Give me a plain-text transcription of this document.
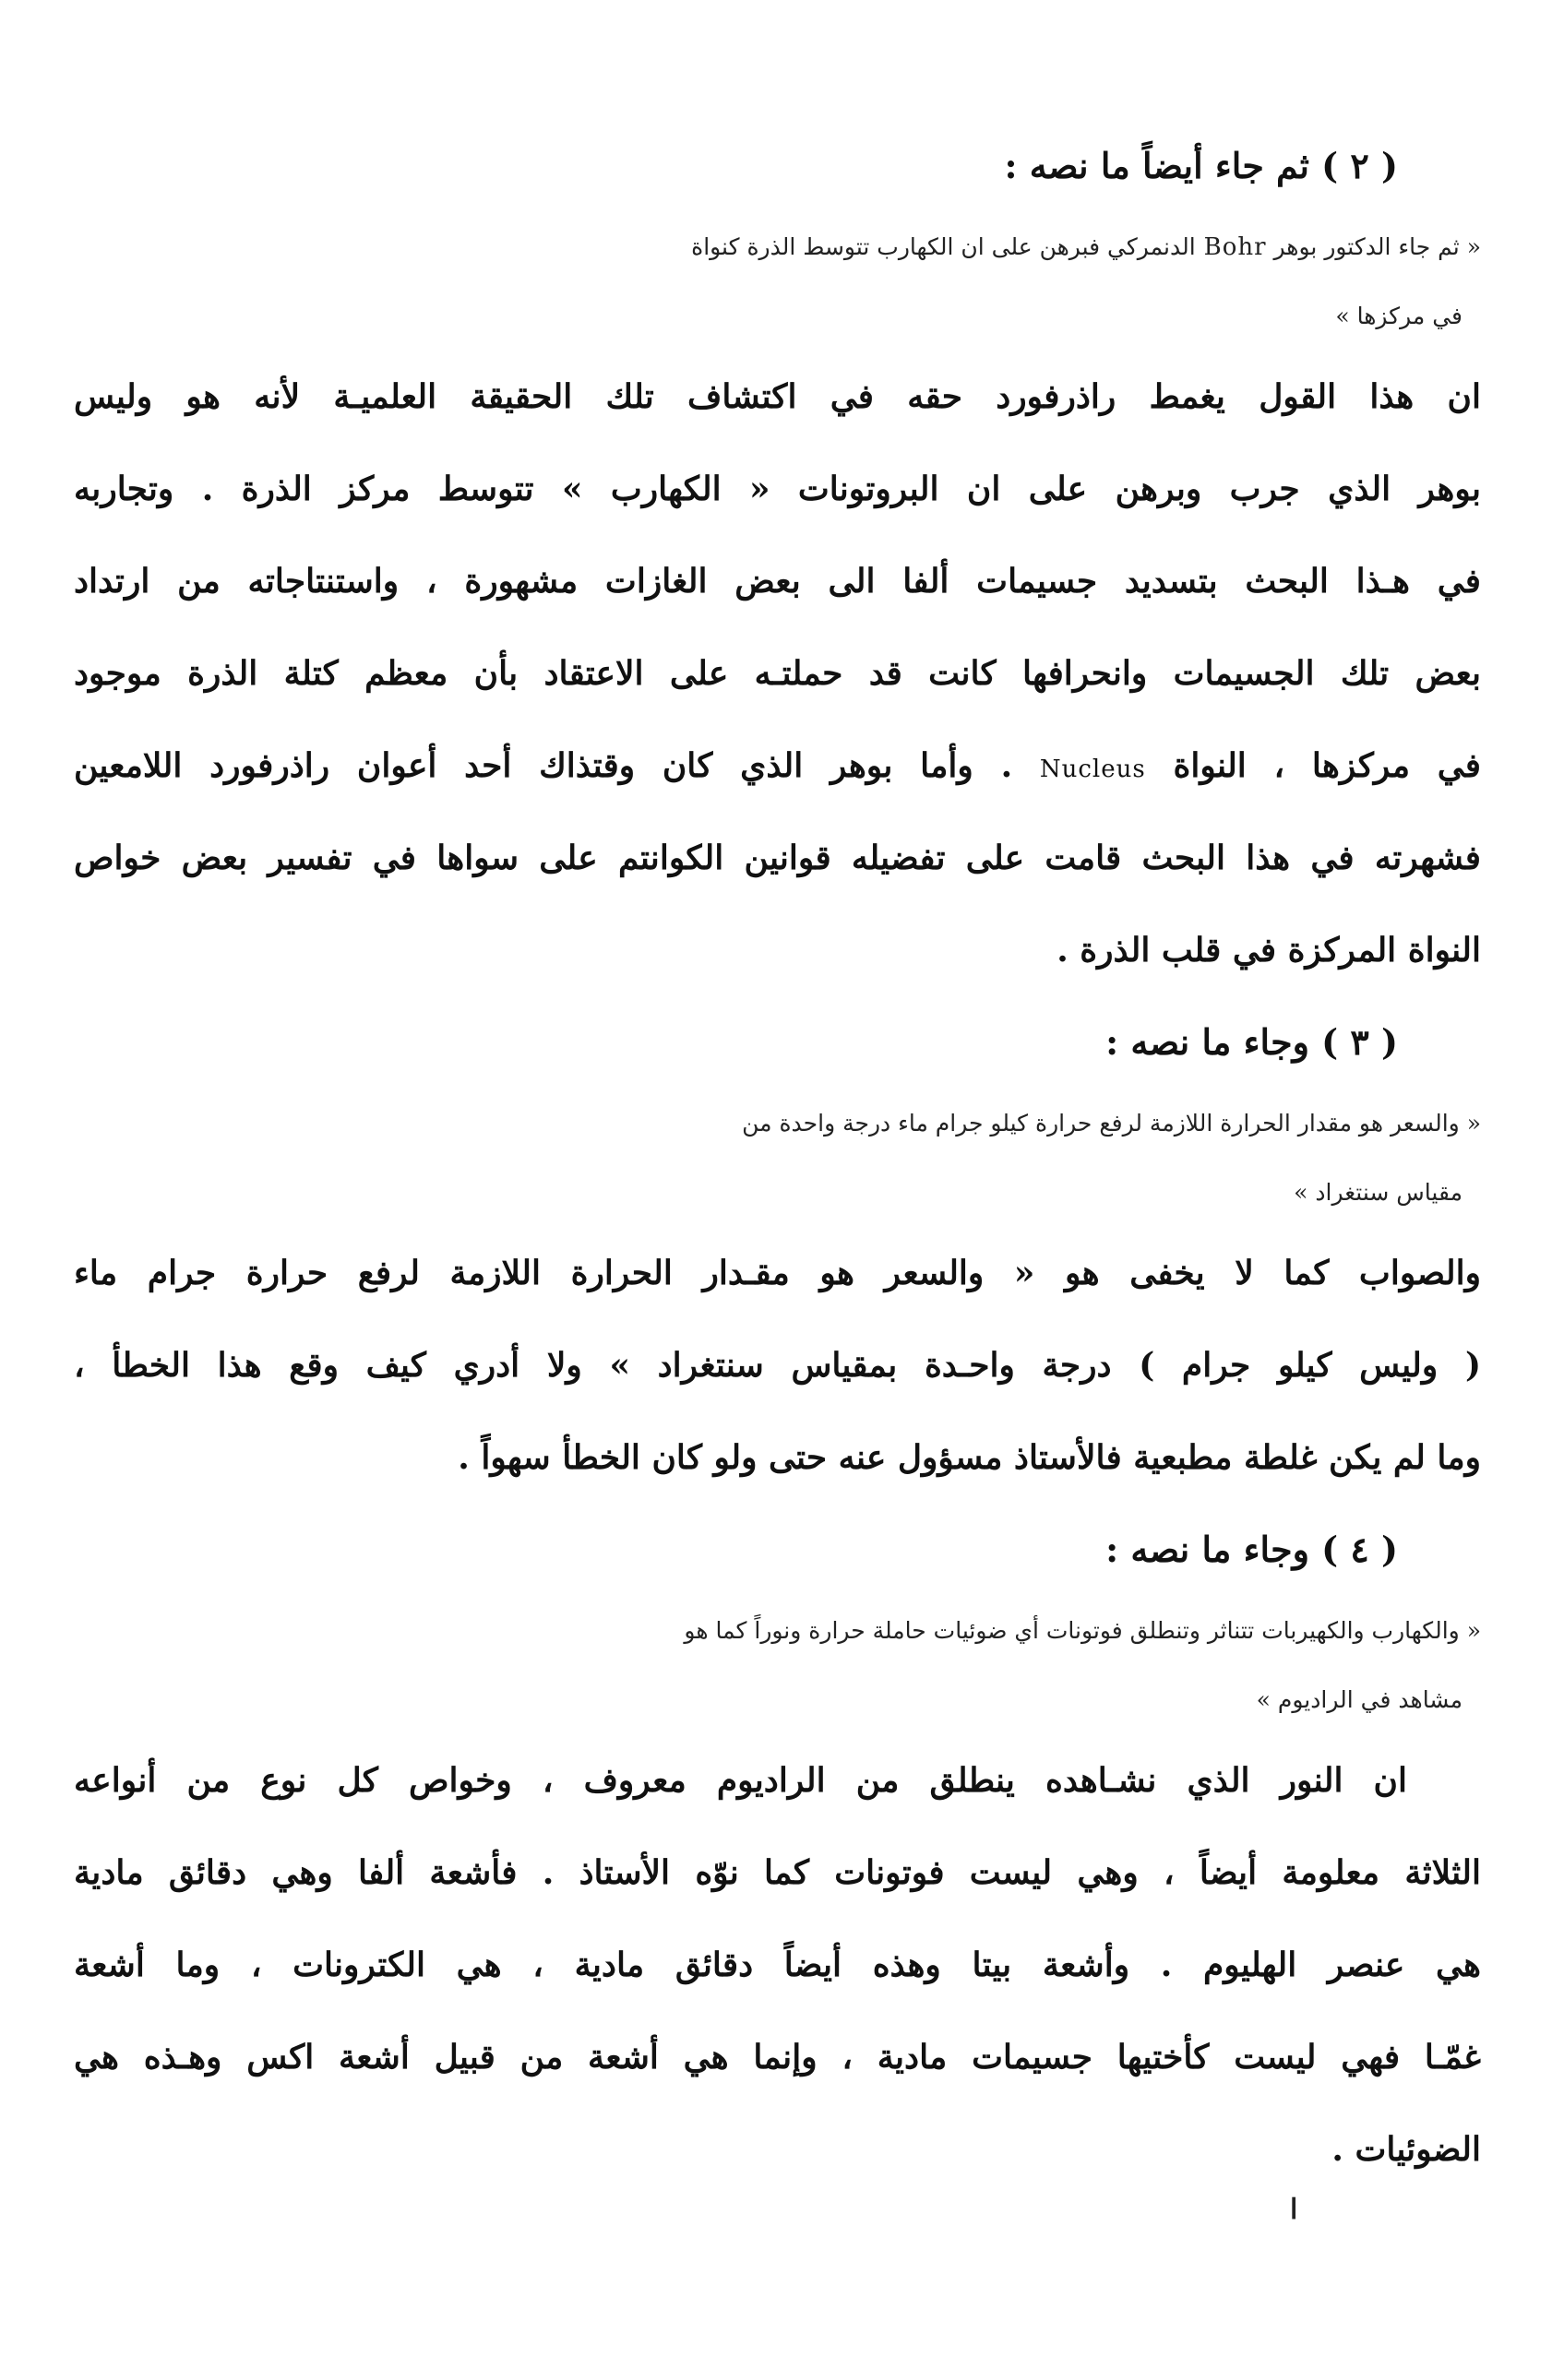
( ٢ ) ثم جاء أيضاً ما نصه :
« ثم جاء الدكتور بوهر Bohr الدنمركي فبرهن على ان الكهارب تتوسط الذرة كنواة
في مركزها »
ان هذا القول يغمط راذرفورد حقه في اكتشاف تلك الحقيقة العلميـة لأنه هو وليس
بوهر الذي جرب وبرهن على ان البروتونات « الكهارب » تتوسط مركز الذرة . وتجاربه
في هـذا البحث بتسديد جسيمات ألفا الى بعض الغازات مشهورة ، واستنتاجاته من ارتداد
بعض تلك الجسيمات وانحرافها كانت قد حملتـه على الاعتقاد بأن معظم كتلة الذرة موجود
في مركزها ، النواة Nucleus . وأما بوهر الذي كان وقتذاك أحد أعوان راذرفورد اللامعين
فشهرته في هذا البحث قامت على تفضيله قوانين الكوانتم على سواها في تفسير بعض خواص
النواة المركزة في قلب الذرة .
( ٣ ) وجاء ما نصه :
« والسعر هو مقدار الحرارة اللازمة لرفع حرارة كيلو جرام ماء درجة واحدة من
مقياس سنتغراد »
والصواب كما لا يخفى هو « والسعر هو مقـدار الحرارة اللازمة لرفع حرارة جرام ماء
( وليس كيلو جرام ) درجة واحـدة بمقياس سنتغراد » ولا أدري كيف وقع هذا الخطأ ،
وما لم يكن غلطة مطبعية فالأستاذ مسؤول عنه حتى ولو كان الخطأ سهواً .
( ٤ ) وجاء ما نصه :
« والكهارب والكهيربات تتناثر وتنطلق فوتونات أي ضوئيات حاملة حرارة ونوراً كما هو
مشاهد في الراديوم »
ان النور الذي نشـاهده ينطلق من الراديوم معروف ، وخواص كل نوع من أنواعه
الثلاثة معلومة أيضاً ، وهي ليست فوتونات كما نوّه الأستاذ . فأشعة ألفا وهي دقائق مادية
هي عنصر الهليوم . وأشعة بيتا وهذه أيضاً دقائق مادية ، هي الكترونات ، وما أشعة
غمّـا فهي ليست كأختيها جسيمات مادية ، وإنما هي أشعة من قبيل أشعة اكس وهـذه هي
الضوئيات .
ا
